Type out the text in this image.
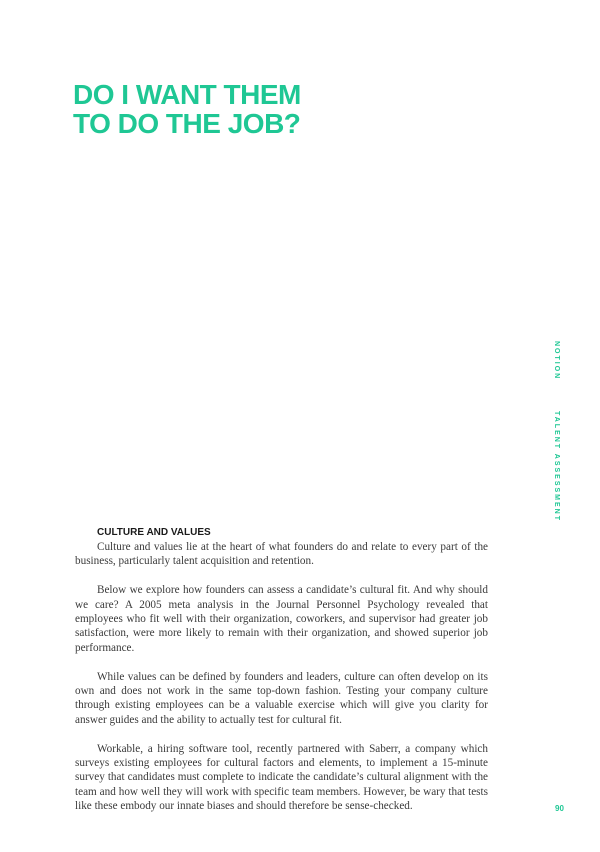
DO I WANT THEM
TO DO THE JOB?
NOTION
TALENT ASSESSMENT
CULTURE AND VALUES

Culture and values lie at the heart of what founders do and relate to every part of the business, particularly talent acquisition and retention.

Below we explore how founders can assess a candidate’s cultural fit. And why should we care? A 2005 meta analysis in the Journal Personnel Psychology revealed that employees who fit well with their organization, coworkers, and supervisor had greater job satisfaction, were more likely to remain with their organization, and showed superior job performance.

While values can be defined by founders and leaders, culture can often develop on its own and does not work in the same top-down fashion. Testing your company culture through existing employees can be a valuable exercise which will give you clarity for answer guides and the ability to actually test for cultural fit.

Workable, a hiring software tool, recently partnered with Saberr, a company which surveys existing employees for cultural factors and elements, to implement a 15-minute survey that candidates must complete to indicate the candidate’s cultural alignment with the team and how well they will work with specific team members. However, be wary that tests like these embody our innate biases and should therefore be sense-checked.	90
